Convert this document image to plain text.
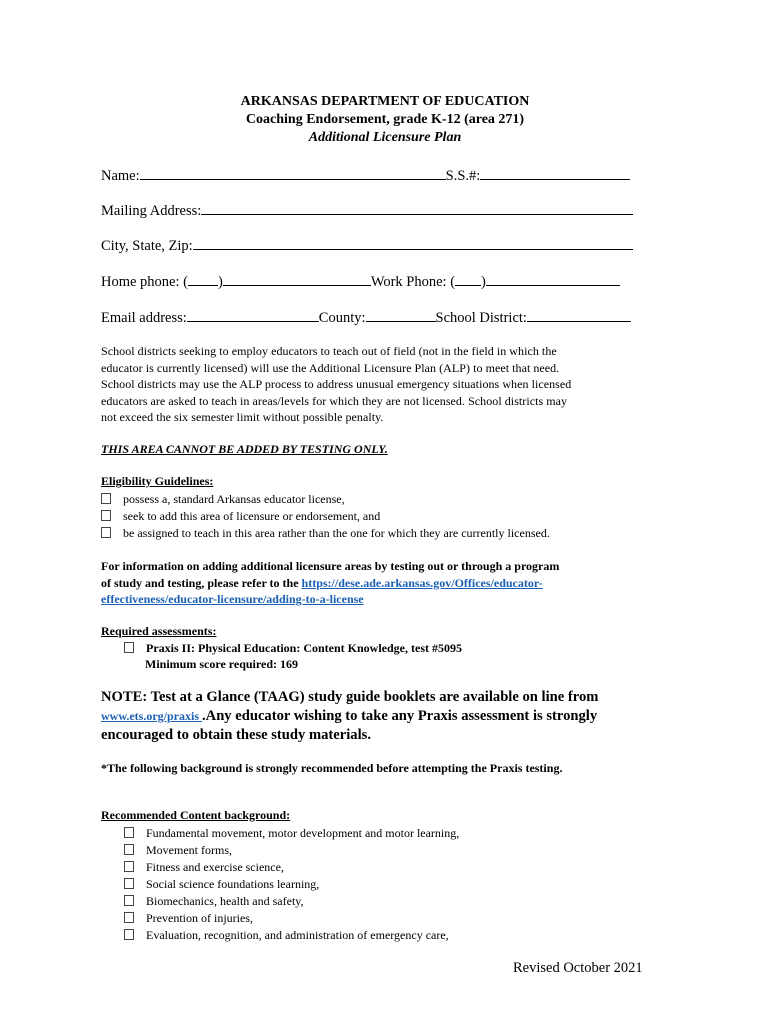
ARKANSAS DEPARTMENT OF EDUCATION
Coaching Endorsement, grade K-12 (area 271)
Additional Licensure Plan
Name:	S.S.#:
Mailing Address:
City, State, Zip:
Home phone: ( )	Work Phone: ( )
Email address:	County:	School District:
School districts seeking to employ educators to teach out of field (not in the field in which the
educator is currently licensed) will use the Additional Licensure Plan (ALP) to meet that need.
School districts may use the ALP process to address unusual emergency situations when licensed
educators are asked to teach in areas/levels for which they are not licensed. School districts may
not exceed the six semester limit without possible penalty.
THIS AREA CANNOT BE ADDED BY TESTING ONLY.
Eligibility Guidelines:
possess a, standard Arkansas educator license,
seek to add this area of licensure or endorsement, and
be assigned to teach in this area rather than the one for which they are currently licensed.
For information on adding additional licensure areas by testing out or through a program
of study and testing, please refer to the https://dese.ade.arkansas.gov/Offices/educator-
effectiveness/educator-licensure/adding-to-a-license
Required assessments:
Praxis II: Physical Education: Content Knowledge, test #5095
Minimum score required: 169
NOTE: Test at a Glance (TAAG) study guide booklets are available on line from
www.ets.org/praxis .Any educator wishing to take any Praxis assessment is strongly
encouraged to obtain these study materials.
*The following background is strongly recommended before attempting the Praxis testing.
Recommended Content background:
Fundamental movement, motor development and motor learning,
Movement forms,
Fitness and exercise science,
Social science foundations learning,
Biomechanics, health and safety,
Prevention of injuries,
Evaluation, recognition, and administration of emergency care,
Revised October 2021
